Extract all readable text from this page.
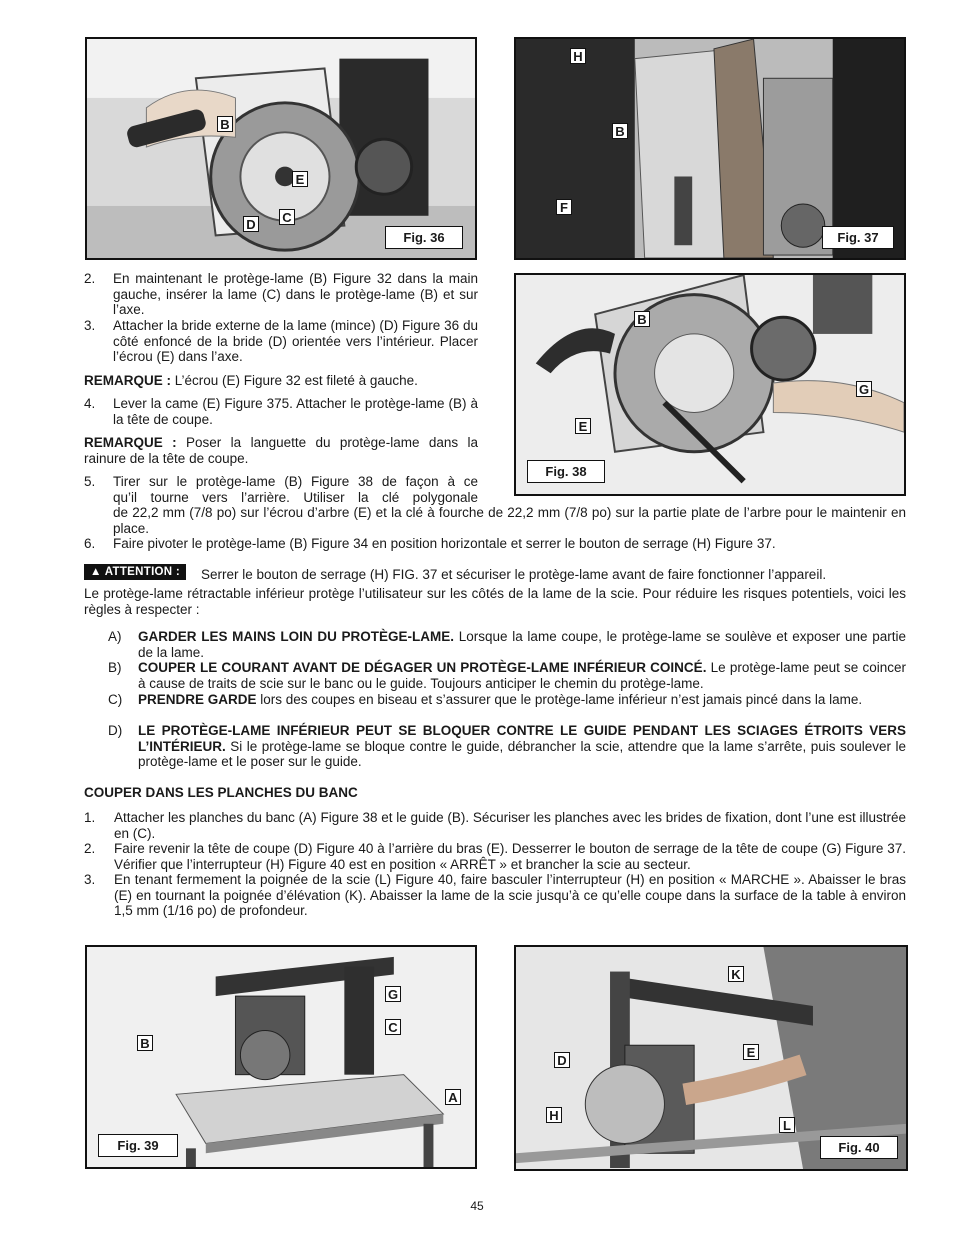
B
E
D C
Fig. 36
H
B
F
Fig. 37
B
G
E
Fig. 38
2. En maintenant le protège-lame (B) Figure 32 dans la main gauche, insérer la lame (C) dans le protège-lame (B) et sur l’axe.
3. Attacher la bride externe de la lame (mince) (D) Figure 36 du côté enfoncé de la bride (D) orientée vers l’intérieur. Placer l’écrou (E) dans l’axe.
REMARQUE : L’écrou (E) Figure 32 est fileté à gauche.
4. Lever la came (E) Figure 375. Attacher le protège-lame (B) à la tête de coupe.
REMARQUE : Poser la languette du protège-lame dans la rainure de la tête de coupe.
5. Tirer sur le protège-lame (B) Figure 38 de façon à ce
qu’il tourne vers l’arrière. Utiliser la clé polygonale
de 22,2 mm (7/8 po) sur l’écrou d’arbre (E) et la clé à fourche de 22,2 mm (7/8 po) sur la partie plate de l’arbre pour le maintenir en place.
6. Faire pivoter le protège-lame (B) Figure 34 en position horizontale et serrer le bouton de serrage (H) Figure 37.
▲ ATTENTION :	Serrer le bouton de serrage (H) FIG. 37 et sécuriser le protège-lame avant de faire fonctionner l’appareil.
Le protège-lame rétractable inférieur protège l’utilisateur sur les côtés de la lame de la scie. Pour réduire les risques potentiels, voici les règles à respecter :
A) GARDER LES MAINS LOIN DU PROTÈGE-LAME. Lorsque la lame coupe, le protège-lame se soulève et exposer une partie de la lame.
B) COUPER LE COURANT AVANT DE DÉGAGER UN PROTÈGE-LAME INFÉRIEUR COINCÉ. Le protège-lame peut se coincer à cause de traits de scie sur le banc ou le guide. Toujours anticiper le chemin du protège-lame.
C) PRENDRE GARDE lors des coupes en biseau et s’assurer que le protège-lame inférieur n’est jamais pincé dans la lame.
D) LE PROTÈGE-LAME INFÉRIEUR PEUT SE BLOQUER CONTRE LE GUIDE PENDANT LES SCIAGES ÉTROITS VERS L’INTÉRIEUR. Si le protège-lame se bloque contre le guide, débrancher la scie, attendre que la lame s’arrête, puis soulever le protège-lame et le poser sur le guide.
COUPER DANS LES PLANCHES DU BANC
1. Attacher les planches du banc (A) Figure 38 et le guide (B). Sécuriser les planches avec les brides de fixation, dont l’une est illustrée en (C).
2. Faire revenir la tête de coupe (D) Figure 40 à l’arrière du bras (E). Desserrer le bouton de serrage de la tête de coupe (G) Figure 37. Vérifier que l’interrupteur (H) Figure 40 est en position « ARRÊT » et brancher la scie au secteur.
3. En tenant fermement la poignée de la scie (L) Figure 40, faire basculer l’interrupteur (H) en position « MARCHE ». Abaisser le bras (E) en tournant la poignée d’élévation (K). Abaisser la lame de la scie jusqu’à ce qu’elle coupe dans la surface de la table à environ 1,5 mm (1/16 po) de profondeur.
G
C
B
A
Fig. 39
K
E
D
H
L
Fig. 40
45
